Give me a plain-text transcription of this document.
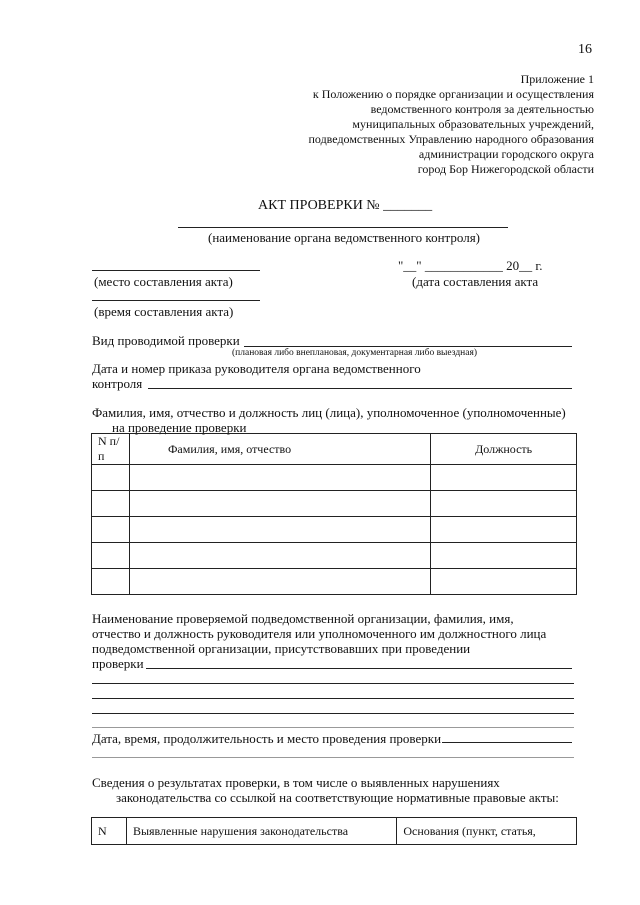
16
Приложение 1
к Положению о порядке организации и осуществления
ведомственного контроля за деятельностью
муниципальных образовательных учреждений,
подведомственных Управлению народного образования
администрации городского округа
город Бор Нижегородской области
АКТ ПРОВЕРКИ № _______
(наименование органа ведомственного контроля)
"__" ____________ 20__ г.
(место составления акта)	(дата составления акта
(время составления акта)
Вид проводимой проверки
(плановая либо внеплановая, документарная либо выездная)
Дата и номер приказа руководителя органа ведомственного
контроля
Фамилия, имя, отчество и должность лиц (лица), уполномоченное (уполномоченные)
на проведение проверки
N п/п	Фамилия, имя, отчество	Должность

Наименование проверяемой подведомственной организации, фамилия, имя,
отчество и должность руководителя или уполномоченного им должностного лица
подведомственной организации, присутствовавших при проведении
проверки
Дата, время, продолжительность и место проведения проверки
Сведения о результатах проверки, в том числе о выявленных нарушениях
законодательства со ссылкой на соответствующие нормативные правовые акты:
N	Выявленные нарушения законодательства	Основания (пункт, статья,
